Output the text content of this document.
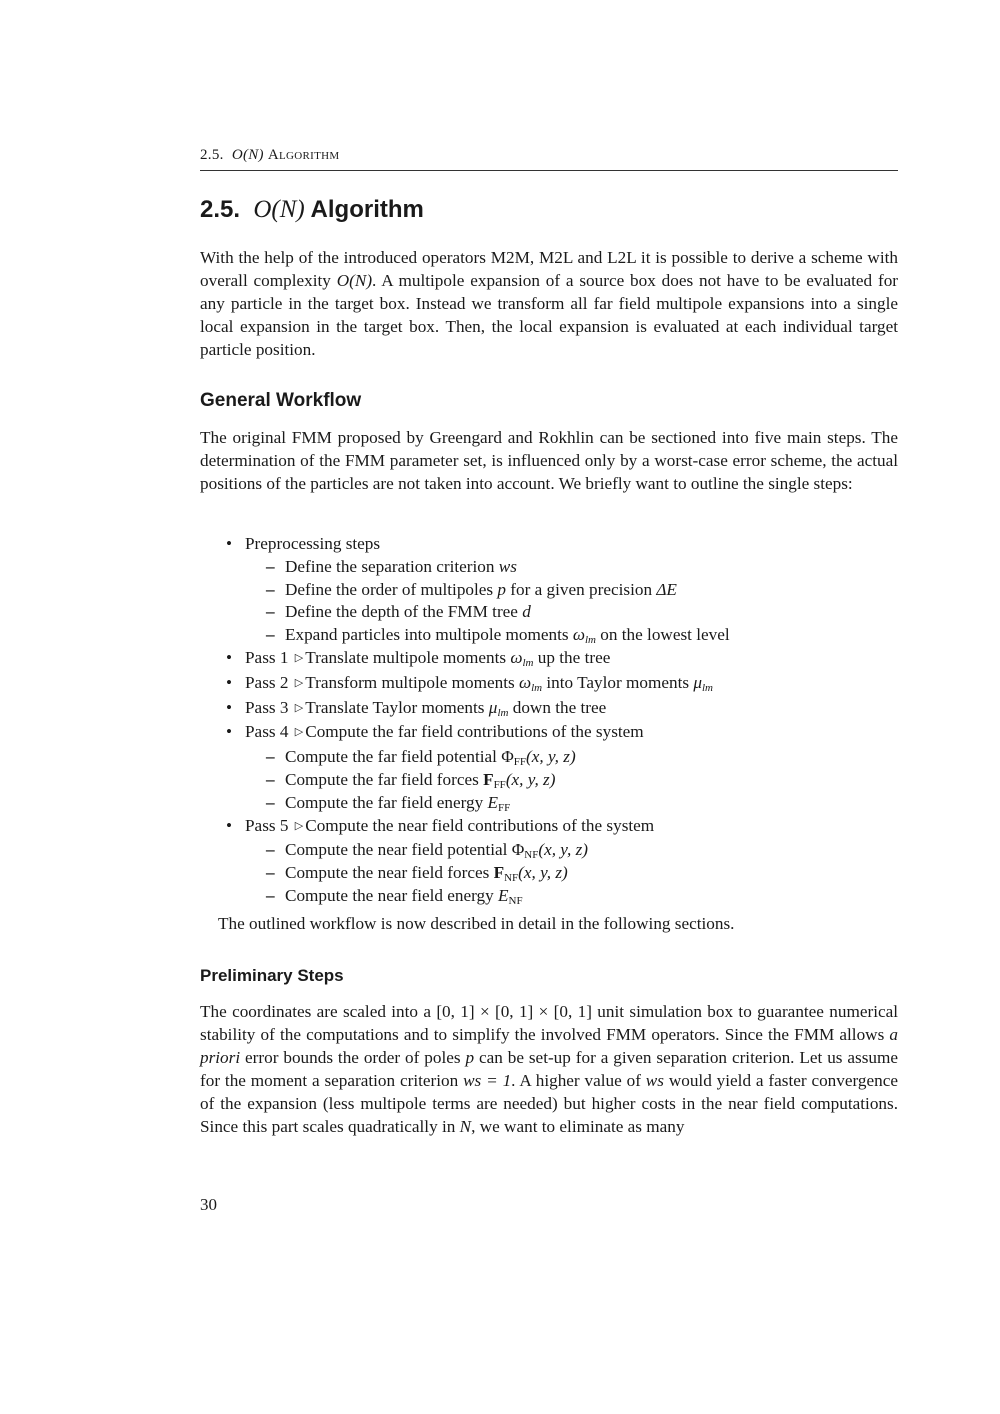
2.5. O(N) Algorithm
2.5. O(N) Algorithm

With the help of the introduced operators M2M, M2L and L2L it is possible to derive a scheme with overall complexity O(N). A multipole expansion of a source box does not have to be evaluated for any particle in the target box. Instead we transform all far field multipole expansions into a single local expansion in the target box. Then, the local expansion is evaluated at each individual target particle position.

General Workflow

The original FMM proposed by Greengard and Rokhlin can be sectioned into five main steps. The determination of the FMM parameter set, is influenced only by a worst-case error scheme, the actual positions of the particles are not taken into account. We briefly want to outline the single steps:

• Preprocessing steps
– Define the separation criterion ws
– Define the order of multipoles p for a given precision ΔE
– Define the depth of the FMM tree d
– Expand particles into multipole moments $\omega_{lm}$ on the lowest level
• Pass 1 ▷ Translate multipole moments $\omega_{lm}$ up the tree
• Pass 2 ▷ Transform multipole moments $\omega_{lm}$ into Taylor moments $\mu_{lm}$
• Pass 3 ▷ Translate Taylor moments $\mu_{lm}$ down the tree
• Pass 4 ▷ Compute the far field contributions of the system
– Compute the far field potential $\Phi_{FF}(x$, y, z)
– Compute the far field forces $F_{FF}(x$, y, z)
– Compute the far field energy $E_{FF}$
• Pass 5 ▷ Compute the near field contributions of the system
– Compute the near field potential $\Phi_{NF}(x$, y, z)
– Compute the near field forces $F_{NF}(x$, y, z)
– Compute the near field energy $E_{NF}$

The outlined workflow is now described in detail in the following sections.

Preliminary Steps

The coordinates are scaled into a [0, 1] × [0, 1] × [0, 1] unit simulation box to guarantee numerical stability of the computations and to simplify the involved FMM operators. Since the FMM allows a priori error bounds the order of poles p can be set-up for a given separation criterion. Let us assume for the moment a separation criterion ws = 1. A higher value of ws would yield a faster convergence of the expansion (less multipole terms are needed) but higher costs in the near field computations. Since this part scales quadratically in N, we want to eliminate as many

30
